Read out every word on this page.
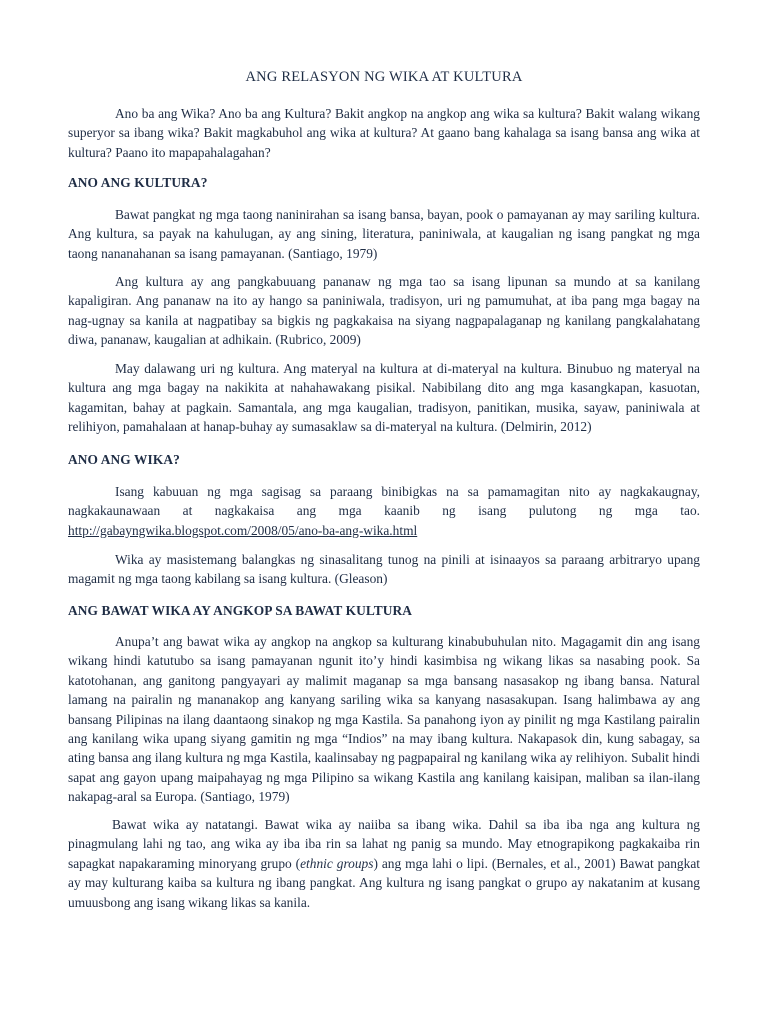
ANG RELASYON NG WIKA AT KULTURA

Ano ba ang Wika? Ano ba ang Kultura? Bakit angkop na angkop ang wika sa kultura? Bakit walang wikang superyor sa ibang wika? Bakit magkabuhol ang wika at kultura? At gaano bang kahalaga sa isang bansa ang wika at kultura? Paano ito mapapahalagahan?

ANO ANG KULTURA?

Bawat pangkat ng mga taong naninirahan sa isang bansa, bayan, pook o pamayanan ay may sariling kultura. Ang kultura, sa payak na kahulugan, ay ang sining, literatura, paniniwala, at kaugalian ng isang pangkat ng mga taong nananahanan sa isang pamayanan. (Santiago, 1979)

Ang kultura ay ang pangkabuuang pananaw ng mga tao sa isang lipunan sa mundo at sa kanilang kapaligiran. Ang pananaw na ito ay hango sa paniniwala, tradisyon, uri ng pamumuhat, at iba pang mga bagay na nag-ugnay sa kanila at nagpatibay sa bigkis ng pagkakaisa na siyang nagpapalaganap ng kanilang pangkalahatang diwa, pananaw, kaugalian at adhikain. (Rubrico, 2009)

May dalawang uri ng kultura. Ang materyal na kultura at di-materyal na kultura. Binubuo ng materyal na kultura ang mga bagay na nakikita at nahahawakang pisikal. Nabibilang dito ang mga kasangkapan, kasuotan, kagamitan, bahay at pagkain. Samantala, ang mga kaugalian, tradisyon, panitikan, musika, sayaw, paniniwala at relihiyon, pamahalaan at hanap-buhay ay sumasaklaw sa di-materyal na kultura. (Delmirin, 2012)

ANO ANG WIKA?

Isang kabuuan ng mga sagisag sa paraang binibigkas na sa pamamagitan nito ay nagkakaugnay, nagkakaunawaan at nagkakaisa ang mga kaanib ng isang pulutong ng mga tao. http://gabayngwika.blogspot.com/2008/05/ano-ba-ang-wika.html

Wika ay masistemang balangkas ng sinasalitang tunog na pinili at isinaayos sa paraang arbitraryo upang magamit ng mga taong kabilang sa isang kultura. (Gleason)

ANG BAWAT WIKA AY ANGKOP SA BAWAT KULTURA

Anupa’t ang bawat wika ay angkop na angkop sa kulturang kinabubuhulan nito. Magagamit din ang isang wikang hindi katutubo sa isang pamayanan ngunit ito’y hindi kasimbisa ng wikang likas sa nasabing pook. Sa katotohanan, ang ganitong pangyayari ay malimit maganap sa mga bansang nasasakop ng ibang bansa. Natural lamang na pairalin ng mananakop ang kanyang sariling wika sa kanyang nasasakupan. Isang halimbawa ay ang bansang Pilipinas na ilang daantaong sinakop ng mga Kastila. Sa panahong iyon ay pinilit ng mga Kastilang pairalin ang kanilang wika upang siyang gamitin ng mga “Indios” na may ibang kultura. Nakapasok din, kung sabagay, sa ating bansa ang ilang kultura ng mga Kastila, kaalinsabay ng pagpapairal ng kanilang wika ay relihiyon. Subalit hindi sapat ang gayon upang maipahayag ng mga Pilipino sa wikang Kastila ang kanilang kaisipan, maliban sa ilan-ilang nakapag-aral sa Europa. (Santiago, 1979)

Bawat wika ay natatangi. Bawat wika ay naiiba sa ibang wika. Dahil sa iba iba nga ang kultura ng pinagmulang lahi ng tao, ang wika ay iba iba rin sa lahat ng panig sa mundo. May etnograpikong pagkakaiba rin sapagkat napakaraming minoryang grupo (ethnic groups) ang mga lahi o lipi. (Bernales, et al., 2001) Bawat pangkat ay may kulturang kaiba sa kultura ng ibang pangkat. Ang kultura ng isang pangkat o grupo ay nakatanim at kusang umuusbong ang isang wikang likas sa kanila.
